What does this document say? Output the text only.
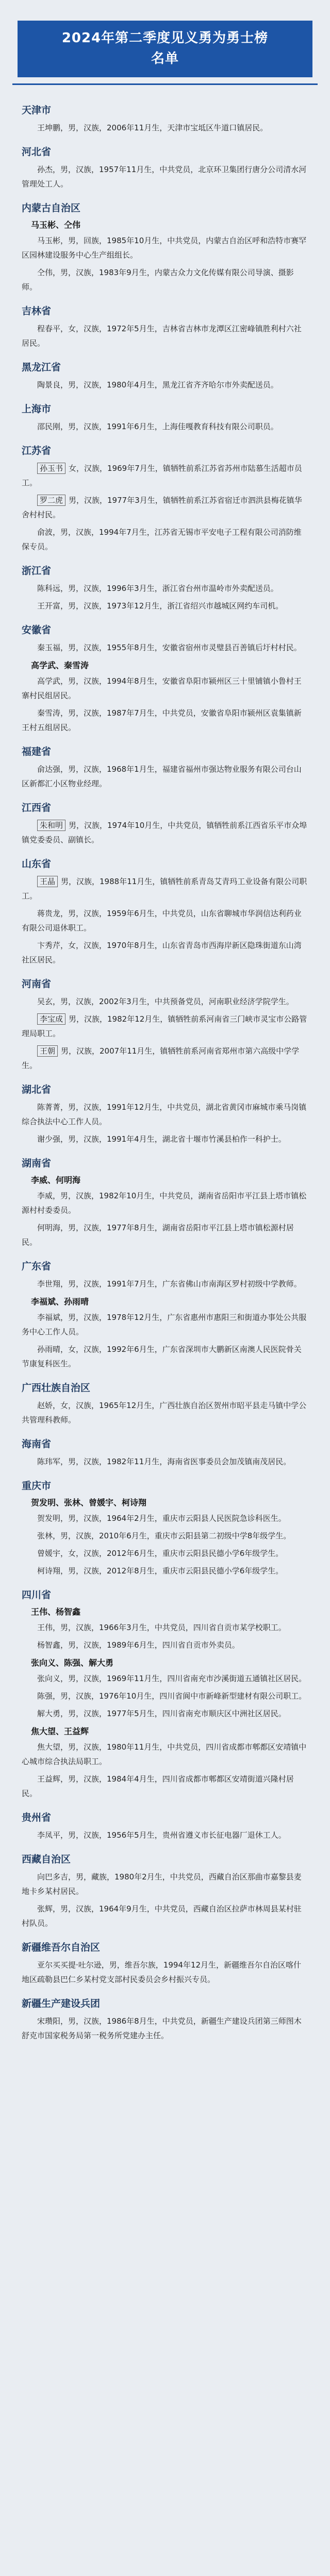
2024年第二季度见义勇为勇士榜
名单
天津市

王坤鹏，男，汉族，2006年11月生，天津市宝坻区牛道口镇居民。

河北省

孙杰，男，汉族，1957年11月生，中共党员，北京环卫集团行唐分公司清水河管理处工人。

内蒙古自治区
马玉彬、仝伟

马玉彬，男，回族，1985年10月生，中共党员，内蒙古自治区呼和浩特市赛罕区园林建设服务中心生产组组长。

仝伟，男，汉族，1983年9月生，内蒙古众力文化传媒有限公司导演、摄影师。

吉林省

程春平，女，汉族，1972年5月生，吉林省吉林市龙潭区江密峰镇胜利村六社居民。

黑龙江省

陶景良，男，汉族，1980年4月生，黑龙江省齐齐哈尔市外卖配送员。

上海市

邵民刚，男，汉族，1991年6月生，上海佳嘎教育科技有限公司职员。

江苏省

孙玉书 女，汉族，1969年7月生，镇牺牲前系江苏省苏州市陆慕生活超市员工。

罗二虎 男，汉族，1977年3月生，镇牺牲前系江苏省宿迁市泗洪县梅花镇华舍村村民。

俞波，男，汉族，1994年7月生，江苏省无锡市平安电子工程有限公司消防维保专员。

浙江省

陈科远，男，汉族，1996年3月生，浙江省台州市温岭市外卖配送员。

王开富，男，汉族，1973年12月生，浙江省绍兴市越城区网约车司机。

安徽省

秦玉福，男，汉族，1955年8月生，安徽省宿州市灵璧县百善镇后圩村村民。

高学武、秦雪涛

高学武，男，汉族，1994年8月生，安徽省阜阳市颍州区三十里铺镇小鲁村王寨村民组居民。

秦雪涛，男，汉族，1987年7月生，中共党员，安徽省阜阳市颍州区袁集镇新王村五组居民。

福建省

俞达强，男，汉族，1968年1月生，福建省福州市强达物业服务有限公司台山区新都汇小区物业经理。

江西省

朱和明 男，汉族，1974年10月生，中共党员，镇牺牲前系江西省乐平市众埠镇党委委员、副镇长。

山东省

王晶 男，汉族，1988年11月生，镇牺牲前系青岛艾青玛工业设备有限公司职工。

蒋贵龙，男，汉族，1959年6月生，中共党员，山东省聊城市华润信达利药业有限公司退休职工。

卞秀芹，女，汉族，1970年8月生，山东省青岛市西海岸新区隐珠街道东山湾社区居民。

河南省

吴玄，男，汉族，2002年3月生，中共预备党员，河南职业经济学院学生。

李宝成 男，汉族，1982年12月生，镇牺牲前系河南省三门峡市灵宝市公路管理局职工。

王朝 男，汉族，2007年11月生，镇牺牲前系河南省郑州市第六高级中学学生。

湖北省

陈菁菁，男，汉族，1991年12月生，中共党员，湖北省黄冈市麻城市乘马岗镇综合执法中心工作人员。

谢少强，男，汉族，1991年4月生，湖北省十堰市竹溪县柏作一科护士。

湖南省
李威、何明海

李威，男，汉族，1982年10月生，中共党员，湖南省岳阳市平江县上塔市镇松源村村委委员。

何明海，男，汉族，1977年8月生，湖南省岳阳市平江县上塔市镇松源村居民。

广东省

李世翔，男，汉族，1991年7月生，广东省佛山市南海区罗村初级中学教师。

李福斌、孙雨晴

李福斌，男，汉族，1978年12月生，广东省惠州市惠阳三和街道办事处公共服务中心工作人员。

孙雨晴，女，汉族，1992年6月生，广东省深圳市大鹏新区南澳人民医院骨关节康复科医生。

广西壮族自治区

赵娇，女，汉族，1965年12月生，广西壮族自治区贺州市昭平县走马镇中学公共管理科教师。

海南省

陈玮军，男，汉族，1982年11月生，海南省医事委员会加茂镇南茂居民。

重庆市
贺发明、张林、曾媛宇、柯诗翔

贺发明，男，汉族，1964年2月生，重庆市云阳县人民医院急诊科医生。

张林，男，汉族，2010年6月生，重庆市云阳县第二初级中学8年级学生。

曾媛宇，女，汉族，2012年6月生，重庆市云阳县民德小学6年级学生。

柯诗翔，男，汉族，2012年8月生，重庆市云阳县民德小学6年级学生。

四川省
王伟、杨智鑫

王伟，男，汉族，1966年3月生，中共党员，四川省自贡市某学校职工。

杨智鑫，男，汉族，1989年6月生，四川省自贡市外卖员。

张向义、陈强、解大勇

张向义，男，汉族，1969年11月生，四川省南充市沙溪街道五通镇社区居民。

陈强，男，汉族，1976年10月生，四川省阆中市新峰新型建材有限公司职工。

解大勇，男，汉族，1977年5月生，四川省南充市顺庆区中洲社区居民。

焦大望、王益辉

焦大望，男，汉族，1980年11月生，中共党员，四川省成都市郫都区安靖镇中心城市综合执法局职工。

王益辉，男，汉族，1984年4月生，四川省成都市郫都区安靖街道兴隆村居民。

贵州省

李凤平，男，汉族，1956年5月生，贵州省遵义市长征电器厂退休工人。

西藏自治区

向巴多吉，男，藏族，1980年2月生，中共党员，西藏自治区那曲市嘉黎县麦地卡乡某村居民。

张辉，男，汉族，1964年9月生，中共党员，西藏自治区拉萨市林周县某村驻村队员。

新疆维吾尔自治区

亚尔买买提·吐尔逊，男，维吾尔族，1994年12月生，新疆维吾尔自治区喀什地区疏勒县巴仁乡某村党支部村民委员会乡村振兴专员。

新疆生产建设兵团

宋瓒阳，男，汉族，1986年8月生，中共党员，新疆生产建设兵团第三师图木舒克市国家税务局第一税务所党建办主任。
